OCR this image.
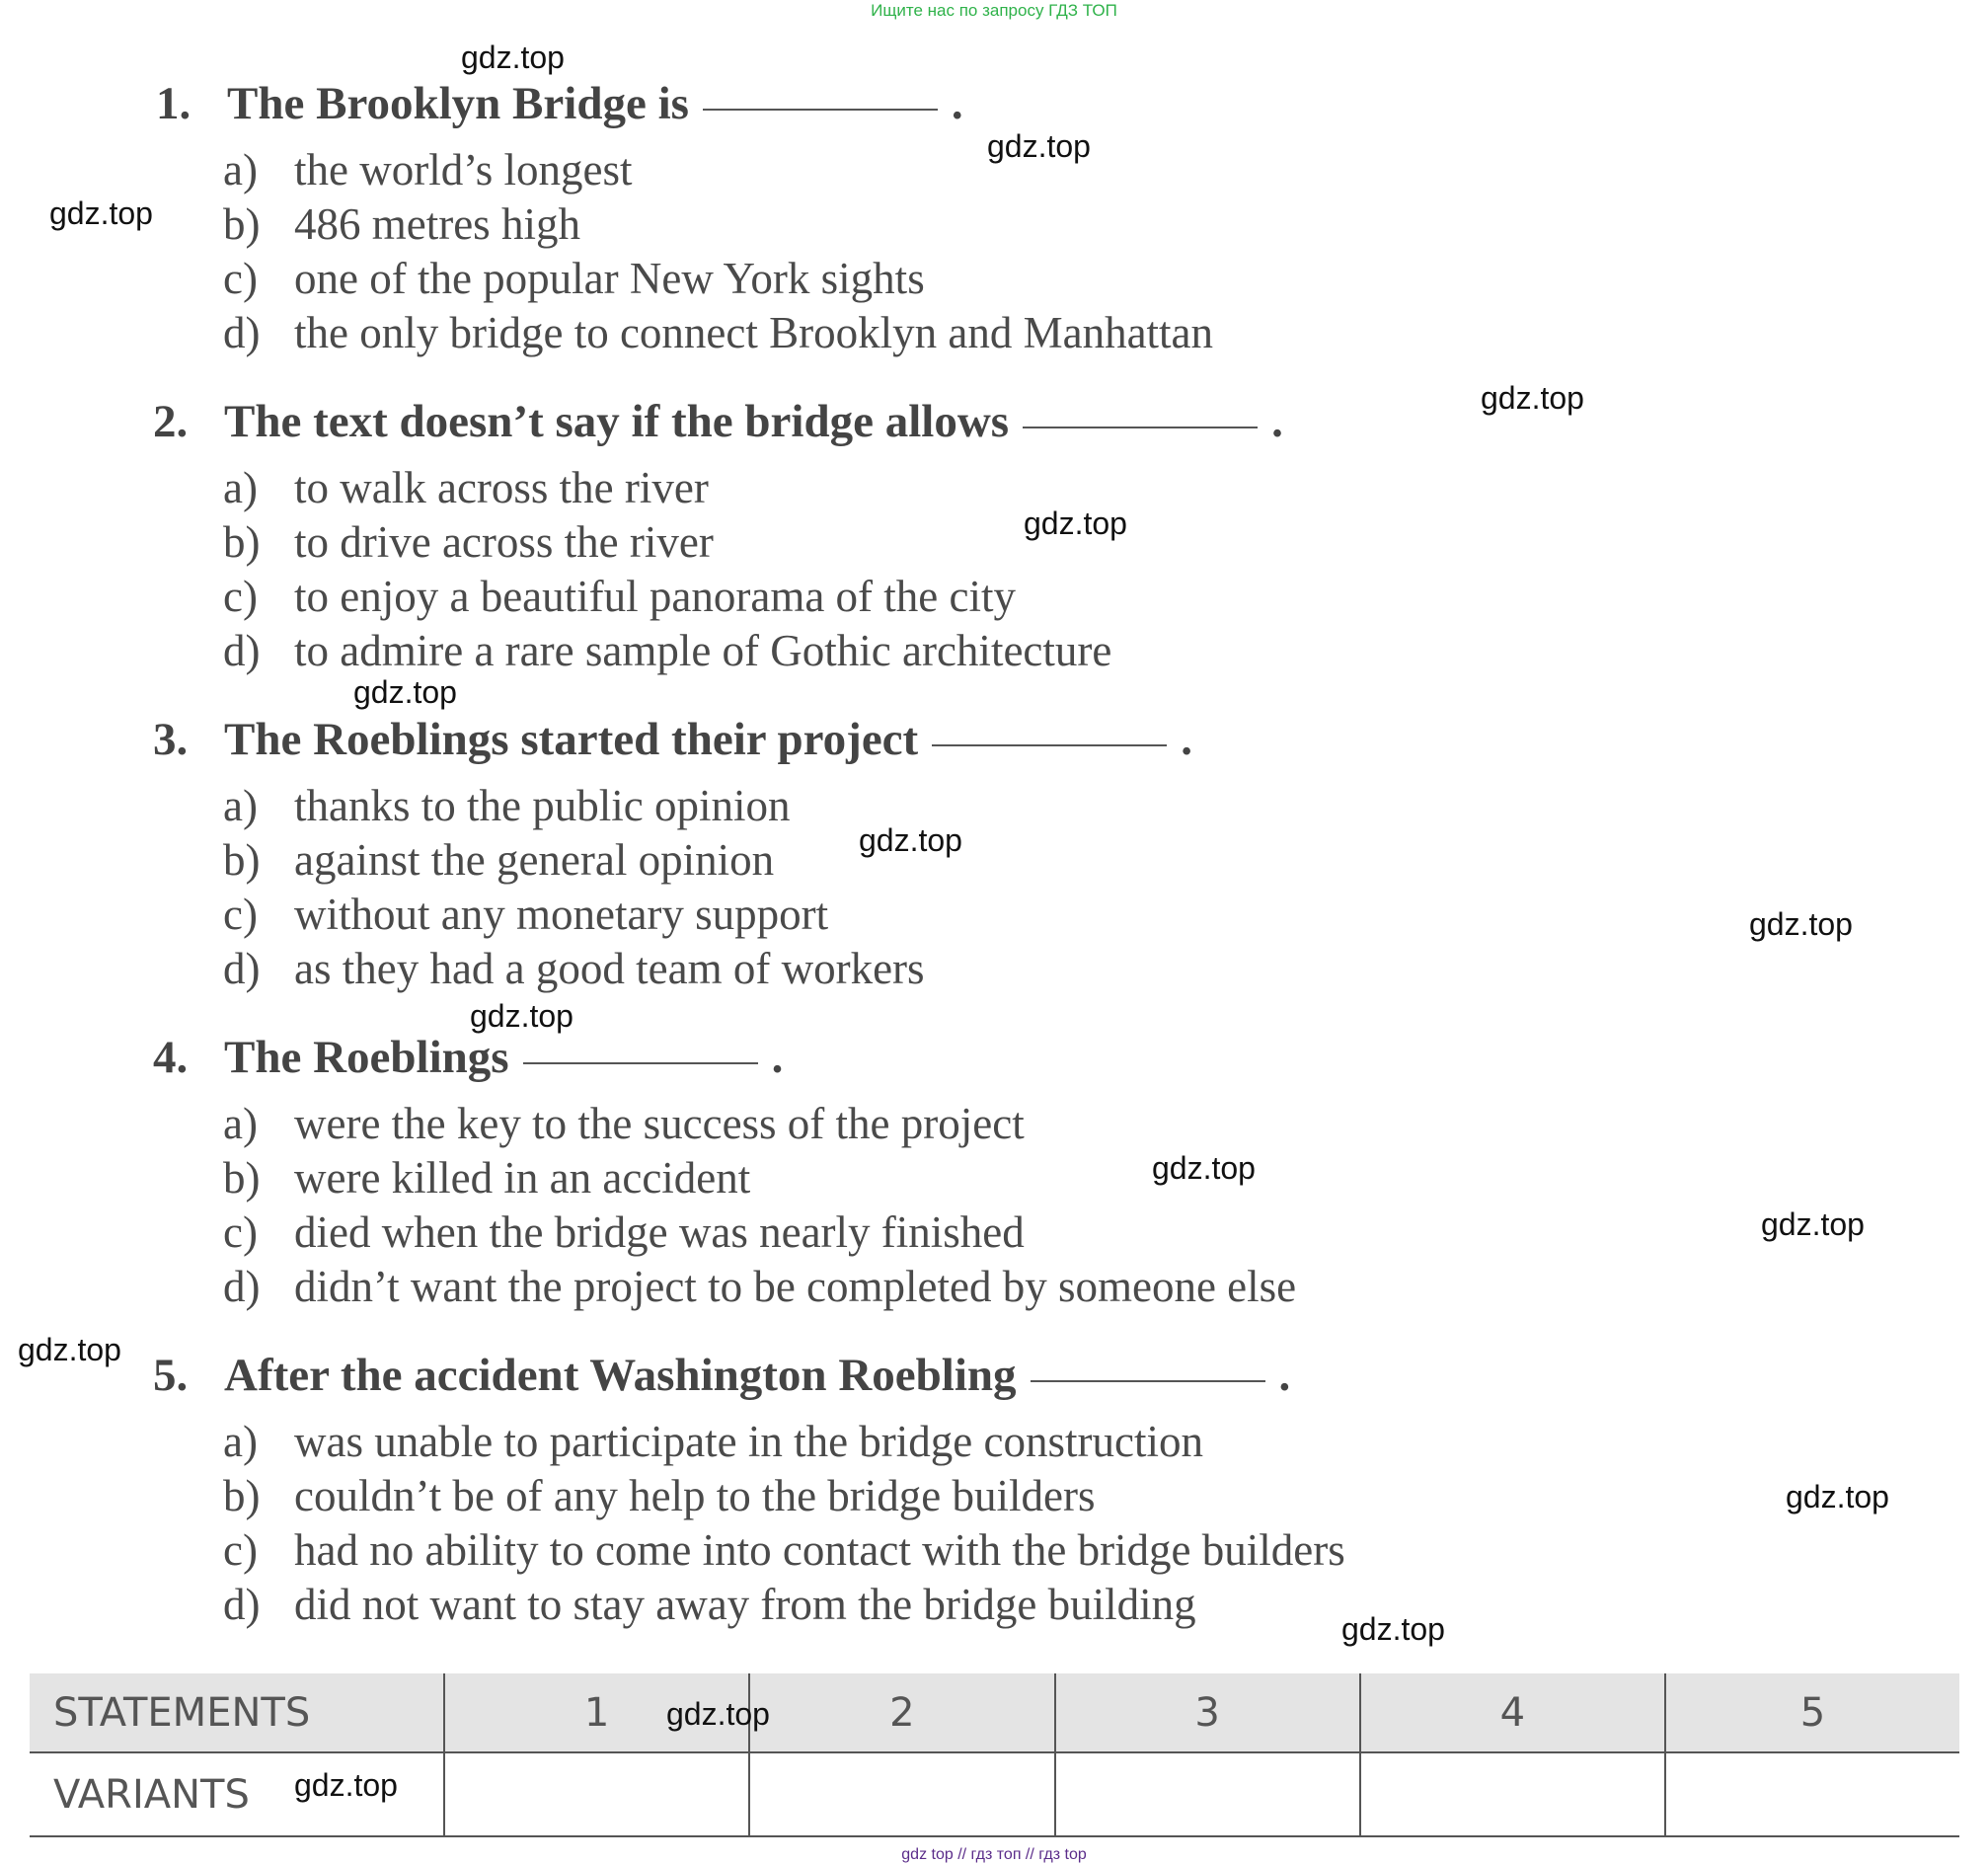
Ищите нас по запросу ГДЗ ТОП
1. The Brooklyn Bridge is	.
a) the world’s longest
b) 486 metres high
c) one of the popular New York sights
d) the only bridge to connect Brooklyn and Manhattan
2. The text doesn’t say if the bridge allows	.
a) to walk across the river
b) to drive across the river
c) to enjoy a beautiful panorama of the city
d) to admire a rare sample of Gothic architecture
3. The Roeblings started their project	.
a) thanks to the public opinion
b) against the general opinion
c) without any monetary support
d) as they had a good team of workers
4. The Roeblings	.
a) were the key to the success of the project
b) were killed in an accident
c) died when the bridge was nearly finished
d) didn’t want the project to be completed by someone else
5. After the accident Washington Roebling	.
a) was unable to participate in the bridge construction
b) couldn’t be of any help to the bridge builders
c) had no ability to come into contact with the bridge builders
d) did not want to stay away from the bridge building
STATEMENTS	1	2	3	4	5
VARIANTS					
gdz.top
gdz.top
gdz.top
gdz.top
gdz.top
gdz.top
gdz.top
gdz.top
gdz.top
gdz.top
gdz.top
gdz.top
gdz.top
gdz.top
gdz.top
gdz.top
gdz top // гдз топ // гдз top
